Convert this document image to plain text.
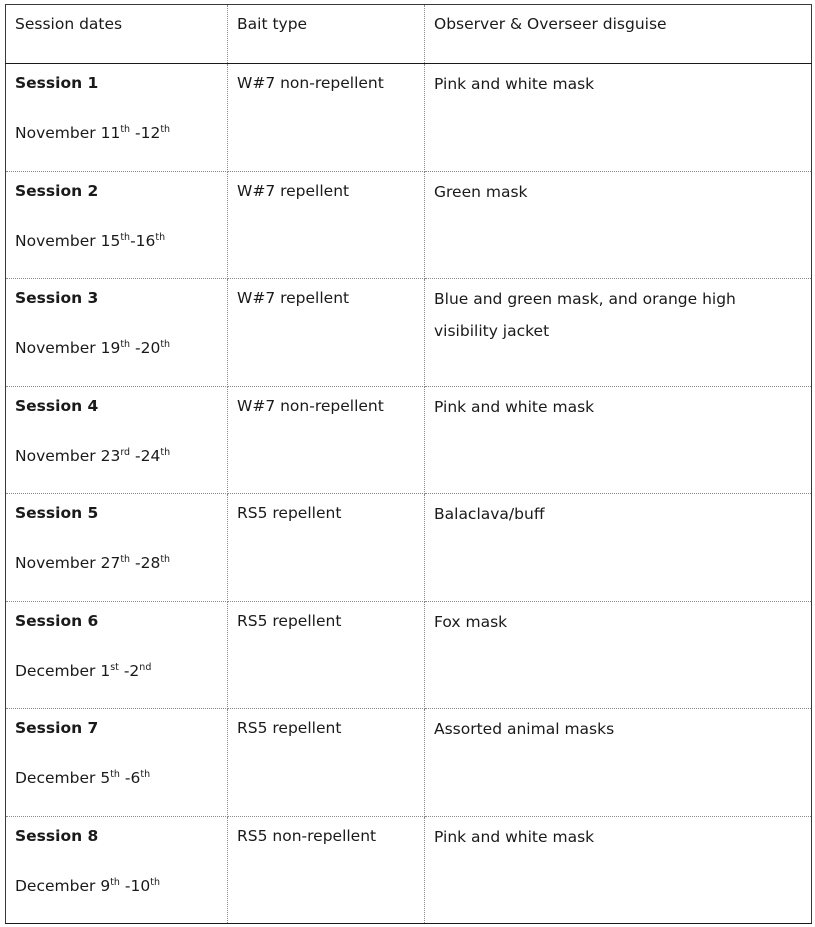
Session dates	Bait type	Observer & Overseer disguise

Session 1
November 11th -12th	W#7 non-repellent	Pink and white mask

Session 2
November 15th-16th	W#7 repellent	Green mask

Session 3
November 19th -20th	W#7 repellent	Blue and green mask, and orange high visibility jacket

Session 4
November 23rd -24th	W#7 non-repellent	Pink and white mask

Session 5
November 27th -28th	RS5 repellent	Balaclava/buff

Session 6
December 1st -2nd	RS5 repellent	Fox mask

Session 7
December 5th -6th	RS5 repellent	Assorted animal masks

Session 8
December 9th -10th	RS5 non-repellent	Pink and white mask
